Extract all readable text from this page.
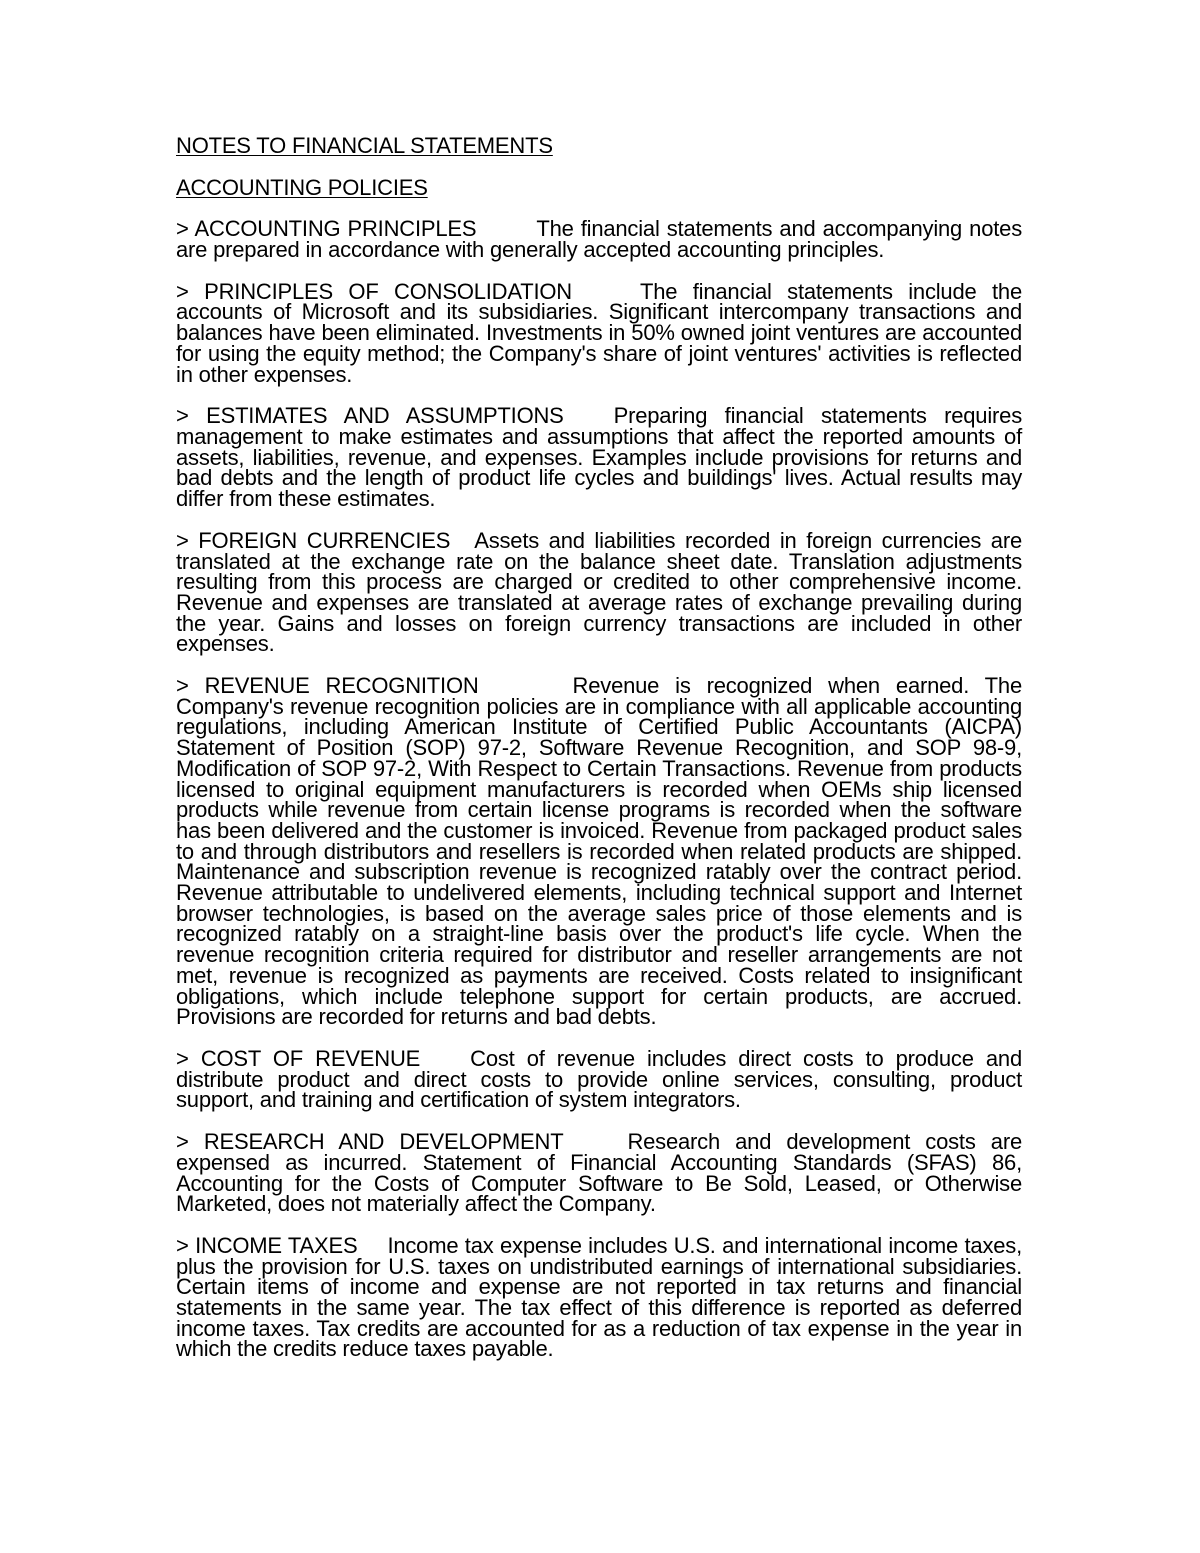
NOTES TO FINANCIAL STATEMENTS

ACCOUNTING POLICIES

> ACCOUNTING PRINCIPLES	The financial statements and accompanying notes are prepared in accordance with generally accepted accounting principles.

> PRINCIPLES OF CONSOLIDATION	The financial statements include the accounts of Microsoft and its subsidiaries. Significant intercompany transactions and balances have been eliminated. Investments in 50% owned joint ventures are accounted for using the equity method; the Company's share of joint ventures' activities is reflected in other expenses.

> ESTIMATES AND ASSUMPTIONS Preparing financial statements requires management to make estimates and assumptions that affect the reported amounts of assets, liabilities, revenue, and expenses. Examples include provisions for returns and bad debts and the length of product life cycles and buildings' lives. Actual results may differ from these estimates.

> FOREIGN CURRENCIES Assets and liabilities recorded in foreign currencies are translated at the exchange rate on the balance sheet date. Translation adjustments resulting from this process are charged or credited to other comprehensive income. Revenue and expenses are translated at average rates of exchange prevailing during the year. Gains and losses on foreign currency transactions are included in other expenses.

> REVENUE RECOGNITION	Revenue is recognized when earned. The Company's revenue recognition policies are in compliance with all applicable accounting regulations, including American Institute of Certified Public Accountants (AICPA) Statement of Position (SOP) 97-2, Software Revenue Recognition, and SOP 98-9, Modification of SOP 97-2, With Respect to Certain Transactions. Revenue from products licensed to original equipment manufacturers is recorded when OEMs ship licensed products while revenue from certain license programs is recorded when the software has been delivered and the customer is invoiced. Revenue from packaged product sales to and through distributors and resellers is recorded when related products are shipped. Maintenance and subscription revenue is recognized ratably over the contract period. Revenue attributable to undelivered elements, including technical support and Internet browser technologies, is based on the average sales price of those elements and is recognized ratably on a straight-line basis over the product's life cycle. When the revenue recognition criteria required for distributor and reseller arrangements are not met, revenue is recognized as payments are received. Costs related to insignificant obligations, which include telephone support for certain products, are accrued. Provisions are recorded for returns and bad debts.

> COST OF REVENUE Cost of revenue includes direct costs to produce and distribute product and direct costs to provide online services, consulting, product support, and training and certification of system integrators.

> RESEARCH AND DEVELOPMENT	Research and development costs are expensed as incurred. Statement of Financial Accounting Standards (SFAS) 86, Accounting for the Costs of Computer Software to Be Sold, Leased, or Otherwise Marketed, does not materially affect the Company.

> INCOME TAXES Income tax expense includes U.S. and international income taxes, plus the provision for U.S. taxes on undistributed earnings of international subsidiaries. Certain items of income and expense are not reported in tax returns and financial statements in the same year. The tax effect of this difference is reported as deferred income taxes. Tax credits are accounted for as a reduction of tax expense in the year in which the credits reduce taxes payable.
